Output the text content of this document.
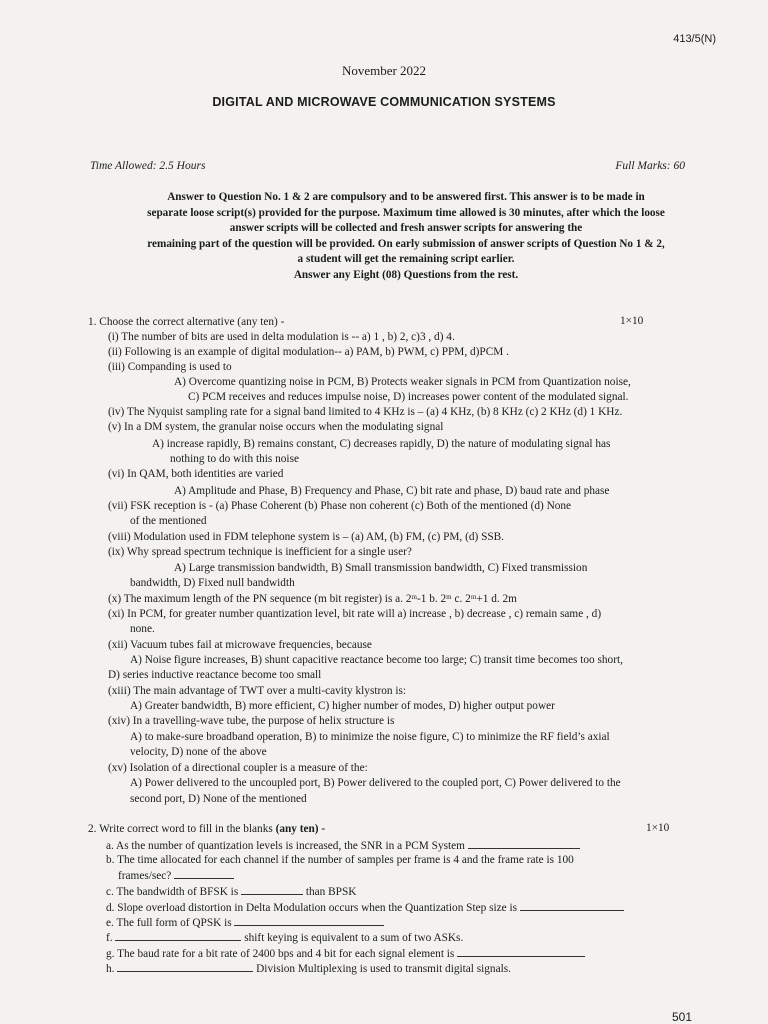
413/5(N)
November 2022
DIGITAL AND MICROWAVE COMMUNICATION SYSTEMS
Time Allowed: 2.5 Hours	Full Marks: 60
Answer to Question No. 1 & 2 are compulsory and to be answered first. This answer is to be made in
separate loose script(s) provided for the purpose. Maximum time allowed is 30 minutes, after which the loose
answer scripts will be collected and fresh answer scripts for answering the
remaining part of the question will be provided. On early submission of answer scripts of Question No 1 & 2,
a student will get the remaining script earlier.
Answer any Eight (08) Questions from the rest.
1. Choose the correct alternative (any ten) -	1×10
(i) The number of bits are used in delta modulation is -- a) 1 , b) 2, c)3 , d) 4.
(ii) Following is an example of digital modulation-- a) PAM, b) PWM, c) PPM, d)PCM .
(iii) Companding is used to
A) Overcome quantizing noise in PCM, B) Protects weaker signals in PCM from Quantization noise,
C) PCM receives and reduces impulse noise, D) increases power content of the modulated signal.
(iv) The Nyquist sampling rate for a signal band limited to 4 KHz is – (a) 4 KHz, (b) 8 KHz (c) 2 KHz (d) 1 KHz.
(v) In a DM system, the granular noise occurs when the modulating signal
A) increase rapidly, B) remains constant, C) decreases rapidly, D) the nature of modulating signal has
nothing to do with this noise
(vi) In QAM, both identities are varied
A) Amplitude and Phase, B) Frequency and Phase, C) bit rate and phase, D) baud rate and phase
(vii) FSK reception is - (a) Phase Coherent (b) Phase non coherent (c) Both of the mentioned (d) None
of the mentioned
(viii) Modulation used in FDM telephone system is – (a) AM, (b) FM, (c) PM, (d) SSB.
(ix) Why spread spectrum technique is inefficient for a single user?
A) Large transmission bandwidth, B) Small transmission bandwidth, C) Fixed transmission
bandwidth, D) Fixed null bandwidth
(x) The maximum length of the PN sequence (m bit register) is a. 2ᵐ-1 b. 2ᵐ c. 2ᵐ+1 d. 2m
(xi) In PCM, for greater number quantization level, bit rate will a) increase , b) decrease , c) remain same , d)
none.
(xii) Vacuum tubes fail at microwave frequencies, because
A) Noise figure increases, B) shunt capacitive reactance become too large; C) transit time becomes too short,
D) series inductive reactance become too small
(xiii) The main advantage of TWT over a multi-cavity klystron is:
A) Greater bandwidth, B) more efficient, C) higher number of modes, D) higher output power
(xiv) In a travelling-wave tube, the purpose of helix structure is
A) to make-sure broadband operation, B) to minimize the noise figure, C) to minimize the RF field’s axial
velocity, D) none of the above
(xv) Isolation of a directional coupler is a measure of the:
A) Power delivered to the uncoupled port, B) Power delivered to the coupled port, C) Power delivered to the
second port, D) None of the mentioned
2. Write correct word to fill in the blanks (any ten) -	1×10
a. As the number of quantization levels is increased, the SNR in a PCM System
b. The time allocated for each channel if the number of samples per frame is 4 and the frame rate is 100
frames/sec?
c. The bandwidth of BFSK is	than BPSK
d. Slope overload distortion in Delta Modulation occurs when the Quantization Step size is
e. The full form of QPSK is
f.	shift keying is equivalent to a sum of two ASKs.
g. The baud rate for a bit rate of 2400 bps and 4 bit for each signal element is
h.	Division Multiplexing is used to transmit digital signals.
501
